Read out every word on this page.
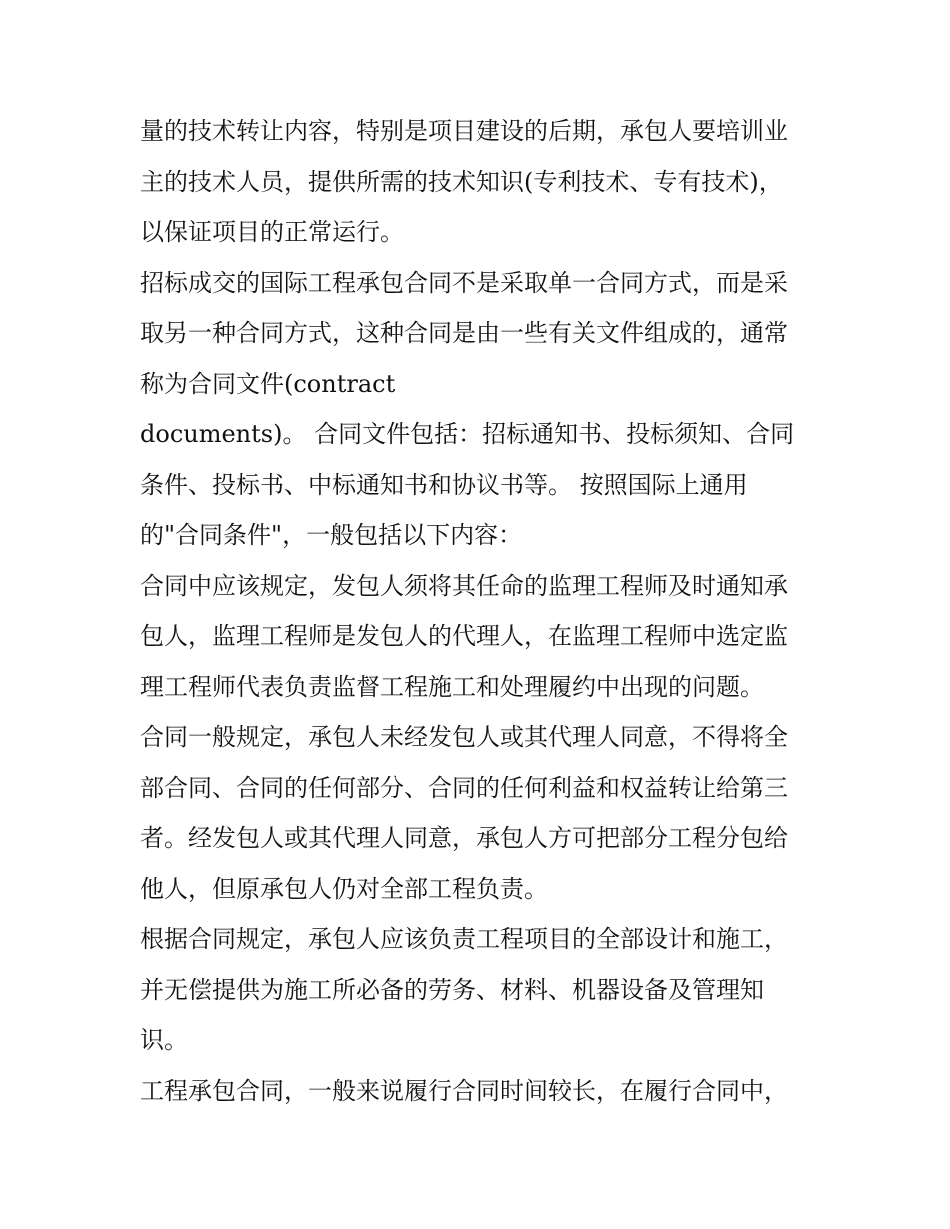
量的技术转让内容，特别是项目建设的后期，承包人要培训业
主的技术人员，提供所需的技术知识(专利技术、专有技术)，
以保证项目的正常运行。
招标成交的国际工程承包合同不是采取单一合同方式，而是采
取另一种合同方式，这种合同是由一些有关文件组成的，通常
称为合同文件(contract
documents)。 合同文件包括：招标通知书、投标须知、合同
条件、投标书、中标通知书和协议书等。 按照国际上通用
的"合同条件"，一般包括以下内容：
合同中应该规定，发包人须将其任命的监理工程师及时通知承
包人，监理工程师是发包人的代理人，在监理工程师中选定监
理工程师代表负责监督工程施工和处理履约中出现的问题。
合同一般规定，承包人未经发包人或其代理人同意，不得将全
部合同、合同的任何部分、合同的任何利益和权益转让给第三
者。经发包人或其代理人同意，承包人方可把部分工程分包给
他人，但原承包人仍对全部工程负责。
根据合同规定，承包人应该负责工程项目的全部设计和施工，
并无偿提供为施工所必备的劳务、材料、机器设备及管理知
识。
工程承包合同，一般来说履行合同时间较长，在履行合同中，
